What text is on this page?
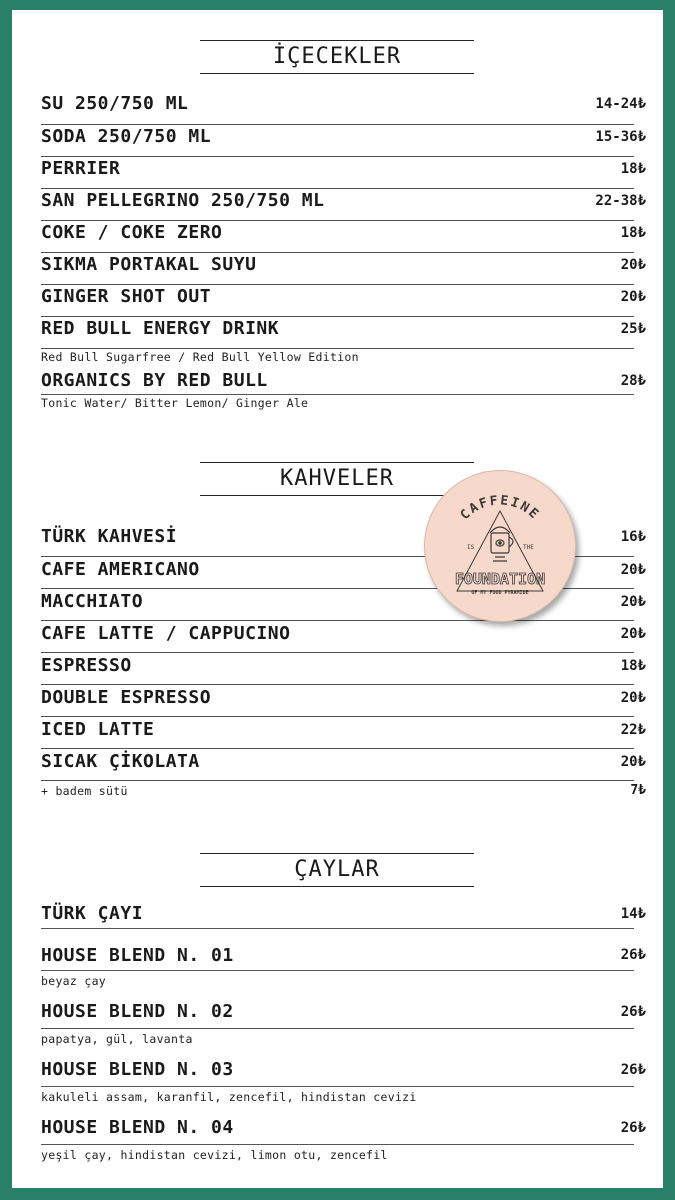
İÇECEKLER
SU 250/750 ML	14-24₺
SODA 250/750 ML	15-36₺
PERRIER	18₺
SAN PELLEGRINO 250/750 ML	22-38₺
COKE / COKE ZERO	18₺
SIKMA PORTAKAL SUYU	20₺
GINGER SHOT OUT	20₺
RED BULL ENERGY DRINK	25₺
Red Bull Sugarfree / Red Bull Yellow Edition
ORGANICS BY RED BULL	28₺
Tonic Water/ Bitter Lemon/ Ginger Ale
KAHVELER
TÜRK KAHVESİ	16₺
CAFE AMERICANO	20₺
MACCHIATO	20₺
CAFE LATTE / CAPPUCINO	20₺
ESPRESSO	18₺
DOUBLE ESPRESSO	20₺
ICED LATTE	22₺
SICAK ÇİKOLATA	20₺
+ badem sütü	7₺
ÇAYLAR
TÜRK ÇAYI	14₺
HOUSE BLEND N. 01	26₺
beyaz çay
HOUSE BLEND N. 02	26₺
papatya, gül, lavanta
HOUSE BLEND N. 03	26₺
kakuleli assam, karanfil, zencefil, hindistan cevizi
HOUSE BLEND N. 04	26₺
yeşil çay, hindistan cevizi, limon otu, zencefil
CAFFEINE
IS	THE
FOUNDATION
OF MY FOOD PYRAMIDE
